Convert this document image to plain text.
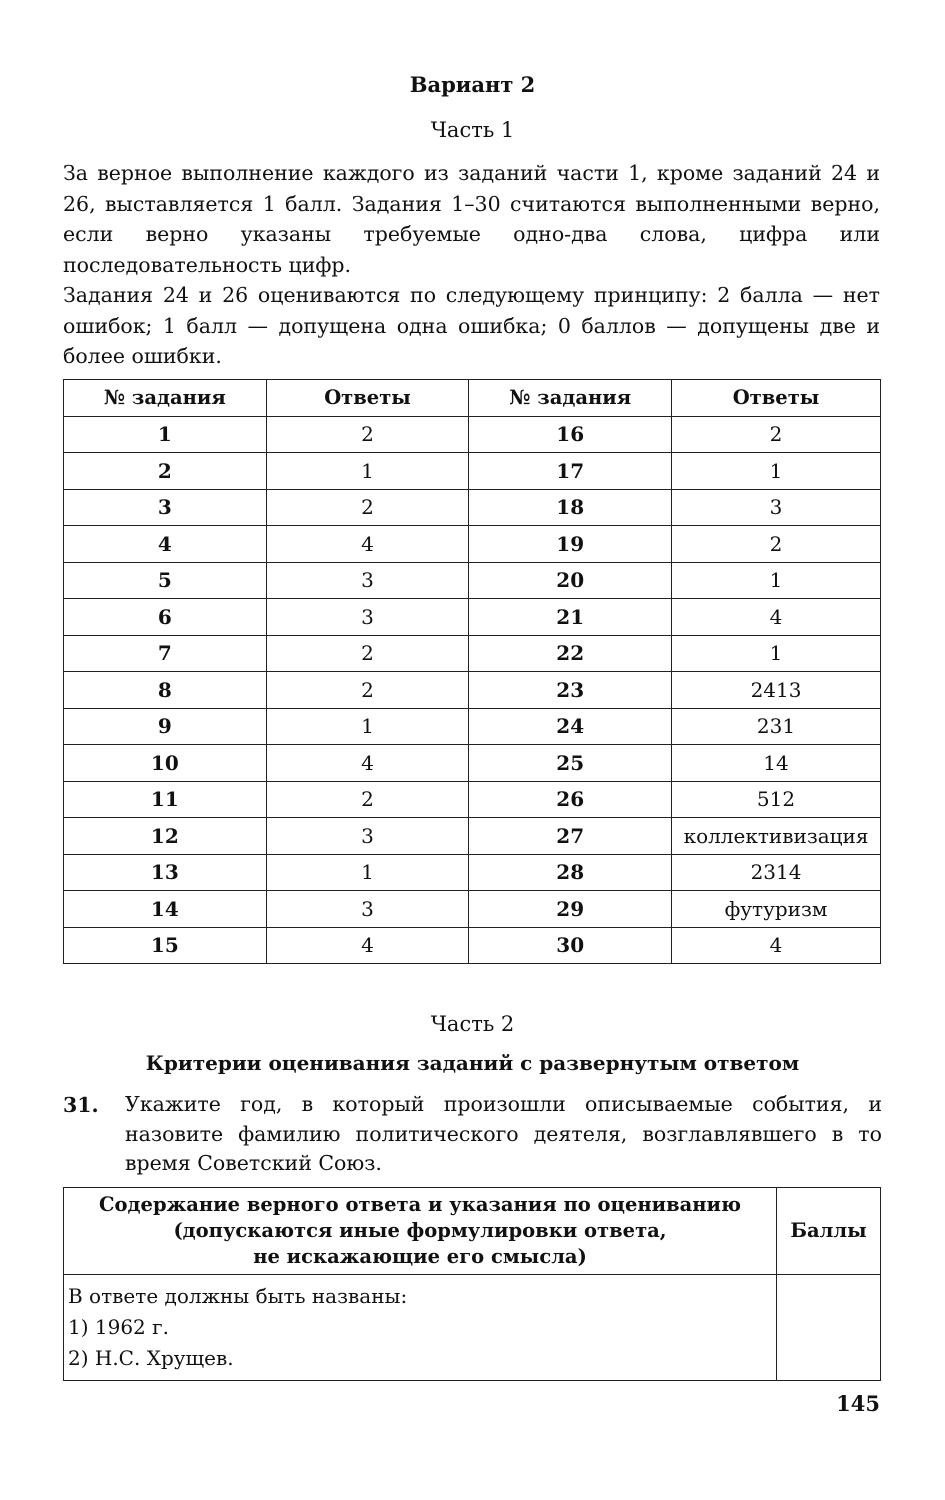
Вариант 2
Часть 1
За верное выполнение каждого из заданий части 1, кроме заданий 24 и 26, выставляется 1 балл. Задания 1–30 считаются выполненными верно, если верно указаны требуемые одно-два слова, цифра или последовательность цифр.
Задания 24 и 26 оцениваются по следующему принципу: 2 балла — нет ошибок; 1 балл — допущена одна ошибка; 0 баллов — допущены две и более ошибки.
№ задания	Ответы	№ задания	Ответы
1	2	16	2
2	1	17	1
3	2	18	3
4	4	19	2
5	3	20	1
6	3	21	4
7	2	22	1
8	2	23	2413
9	1	24	231
10	4	25	14
11	2	26	512
12	3	27	коллективизация
13	1	28	2314
14	3	29	футуризм
15	4	30	4
Часть 2
Критерии оценивания заданий с развернутым ответом
31. Укажите год, в который произошли описываемые события, и назовите фамилию политического деятеля, возглавлявшего в то время Советский Союз.
Содержание верного ответа и указания по оцениванию
(допускаются иные формулировки ответа,
не искажающие его смысла)	Баллы

В ответе должны быть названы:
1) 1962 г.
2) Н.С. Хрущев.	

145
